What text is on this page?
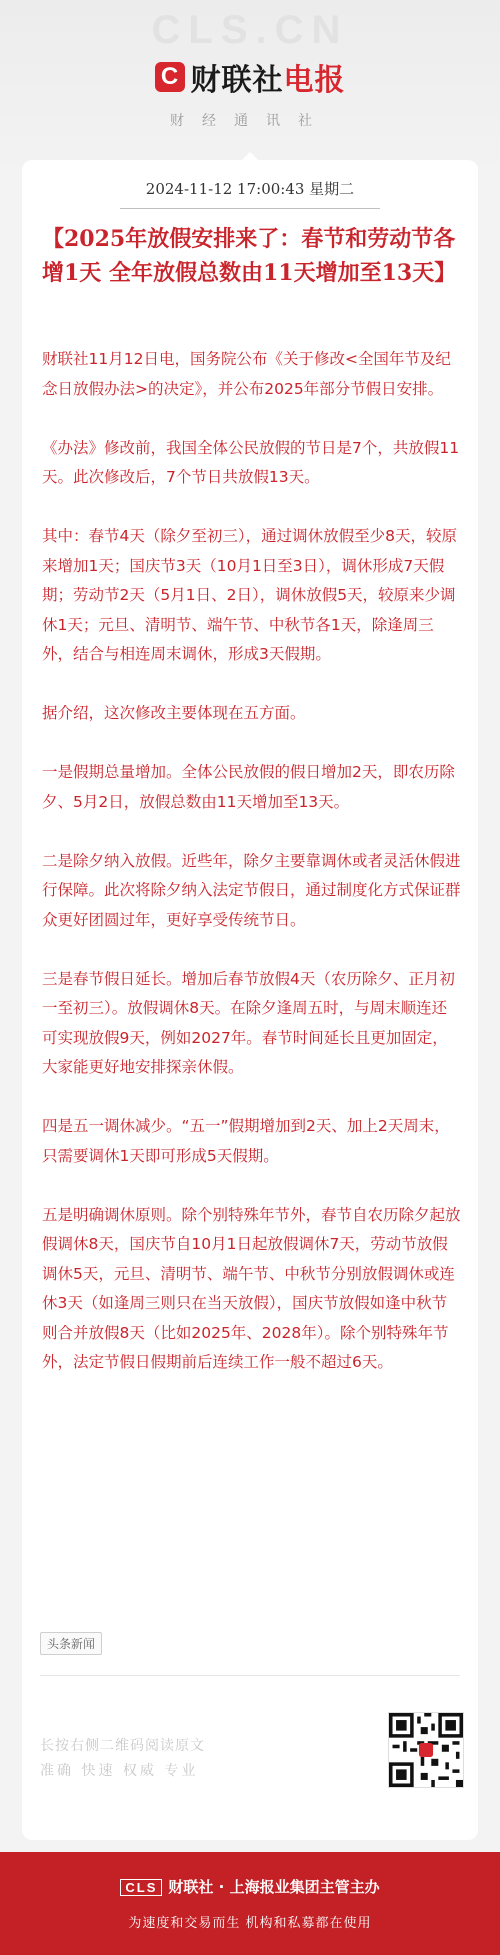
CLS.CN
C 财联社电报
财经通讯社
2024-11-12 17:00:43 星期二
【2025年放假安排来了：春节和劳动节各增1天 全年放假总数由11天增加至13天】

财联社11月12日电，国务院公布《关于修改<全国年节及纪念日放假办法>的决定》，并公布2025年部分节假日安排。

《办法》修改前，我国全体公民放假的节日是7个，共放假11天。此次修改后，7个节日共放假13天。

其中：春节4天（除夕至初三），通过调休放假至少8天，较原来增加1天；国庆节3天（10月1日至3日），调休形成7天假期；劳动节2天（5月1日、2日），调休放假5天，较原来少调休1天；元旦、清明节、端午节、中秋节各1天，除逢周三外，结合与相连周末调休，形成3天假期。

据介绍，这次修改主要体现在五方面。

一是假期总量增加。全体公民放假的假日增加2天，即农历除夕、5月2日，放假总数由11天增加至13天。

二是除夕纳入放假。近些年，除夕主要靠调休或者灵活休假进行保障。此次将除夕纳入法定节假日，通过制度化方式保证群众更好团圆过年，更好享受传统节日。

三是春节假日延长。增加后春节放假4天（农历除夕、正月初一至初三）。放假调休8天。在除夕逢周五时，与周末顺连还可实现放假9天，例如2027年。春节时间延长且更加固定，大家能更好地安排探亲休假。

四是五一调休减少。“五一”假期增加到2天、加上2天周末，只需要调休1天即可形成5天假期。

五是明确调休原则。除个别特殊年节外，春节自农历除夕起放假调休8天，国庆节自10月1日起放假调休7天，劳动节放假调休5天，元旦、清明节、端午节、中秋节分别放假调休或连休3天（如逢周三则只在当天放假），国庆节放假如逢中秋节则合并放假8天（比如2025年、2028年）。除个别特殊年节外，法定节假日假期前后连续工作一般不超过6天。

头条新闻
长按右侧二维码阅读原文
准确 快速 权威 专业
CLS 财联社 · 上海报业集团主管主办
为速度和交易而生 机构和私募都在使用
